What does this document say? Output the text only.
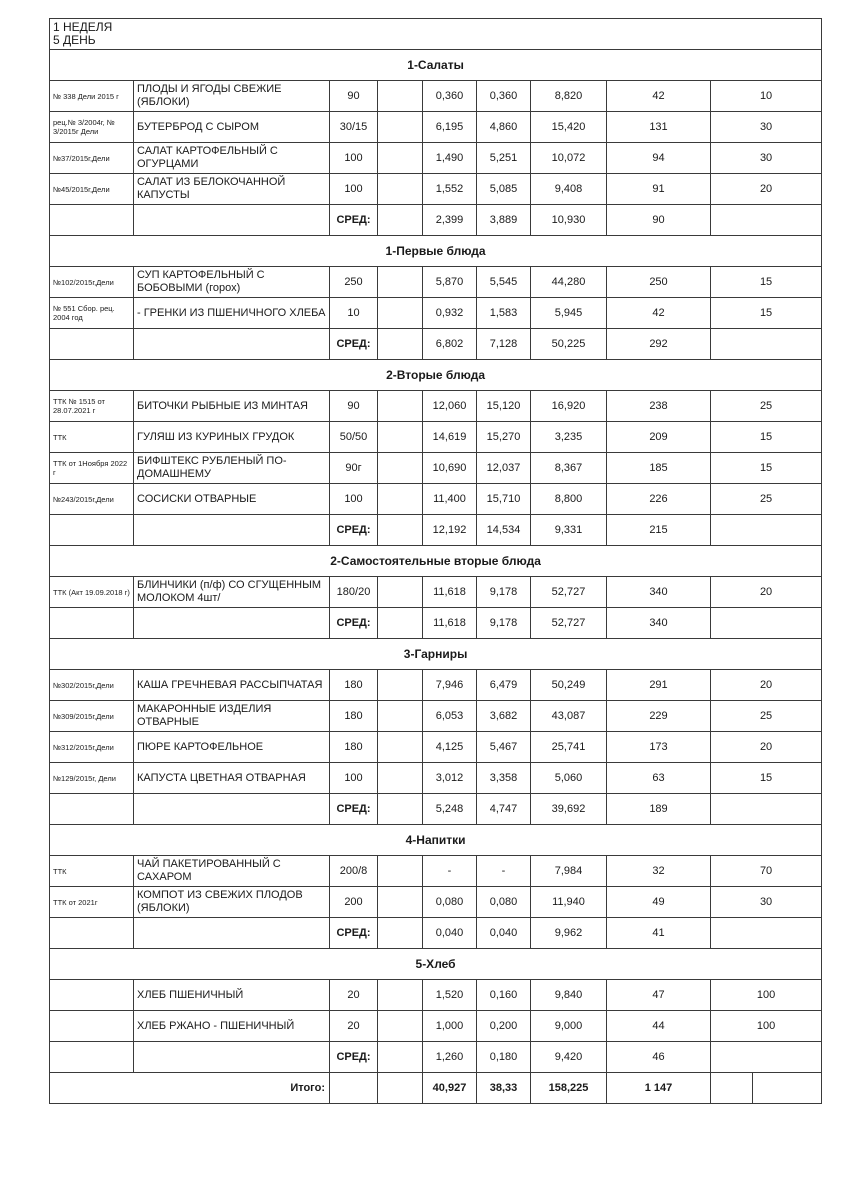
1 НЕДЕЛЯ
5 ДЕНЬ								

1-Салаты								
№ 338 Дели 2015 г	ПЛОДЫ И ЯГОДЫ СВЕЖИЕ (ЯБЛОКИ)	90		0,360	0,360	8,820	42	10
рец.№ 3/2004г, № 3/2015г Дели	БУТЕРБРОД С СЫРОМ	30/15		6,195	4,860	15,420	131	30
№37/2015г,Дели	САЛАТ КАРТОФЕЛЬНЫЙ С ОГУРЦАМИ	100		1,490	5,251	10,072	94	30
№45/2015г,Дели	САЛАТ ИЗ БЕЛОКОЧАННОЙ КАПУСТЫ	100		1,552	5,085	9,408	91	20
		СРЕД:		2,399	3,889	10,930	90	
1-Первые блюда								
№102/2015г,Дели	СУП КАРТОФЕЛЬНЫЙ С БОБОВЫМИ (горох)	250		5,870	5,545	44,280	250	15
№ 551 Сбор. рец. 2004 год	- ГРЕНКИ ИЗ ПШЕНИЧНОГО ХЛЕБА	10		0,932	1,583	5,945	42	15
		СРЕД:		6,802	7,128	50,225	292	
2-Вторые блюда								
ТТК № 1515 от 28.07.2021 г	БИТОЧКИ РЫБНЫЕ ИЗ МИНТАЯ	90		12,060	15,120	16,920	238	25
ТТК	ГУЛЯШ ИЗ КУРИНЫХ ГРУДОК	50/50		14,619	15,270	3,235	209	15
ТТК от 1Ноября 2022 г	БИФШТЕКС РУБЛЕНЫЙ ПО-ДОМАШНЕМУ	90г		10,690	12,037	8,367	185	15
№243/2015г,Дели	СОСИСКИ ОТВАРНЫЕ	100		11,400	15,710	8,800	226	25
		СРЕД:		12,192	14,534	9,331	215	
2-Самостоятельные вторые блюда								
ТТК (Акт 19.09.2018 г)	БЛИНЧИКИ (п/ф) СО СГУЩЕННЫМ МОЛОКОМ 4шт/	180/20		11,618	9,178	52,727	340	20
		СРЕД:		11,618	9,178	52,727	340	
3-Гарниры								
№302/2015г,Дели	КАША ГРЕЧНЕВАЯ РАССЫПЧАТАЯ	180		7,946	6,479	50,249	291	20
№309/2015г,Дели	МАКАРОННЫЕ ИЗДЕЛИЯ ОТВАРНЫЕ	180		6,053	3,682	43,087	229	25
№312/2015г,Дели	ПЮРЕ КАРТОФЕЛЬНОЕ	180		4,125	5,467	25,741	173	20
№129/2015г, Дели	КАПУСТА ЦВЕТНАЯ ОТВАРНАЯ	100		3,012	3,358	5,060	63	15
		СРЕД:		5,248	4,747	39,692	189	
4-Напитки								
ТТК	ЧАЙ ПАКЕТИРОВАННЫЙ С САХАРОМ	200/8		-	-	7,984	32	70
ТТК от 2021г	КОМПОТ ИЗ СВЕЖИХ ПЛОДОВ (ЯБЛОКИ)	200		0,080	0,080	11,940	49	30
		СРЕД:		0,040	0,040	9,962	41	
5-Хлеб								
	ХЛЕБ ПШЕНИЧНЫЙ	20		1,520	0,160	9,840	47	100
	ХЛЕБ РЖАНО - ПШЕНИЧНЫЙ	20		1,000	0,200	9,000	44	100
		СРЕД:		1,260	0,180	9,420	46	
Итого:				40,927	38,33	158,225	1 147	
